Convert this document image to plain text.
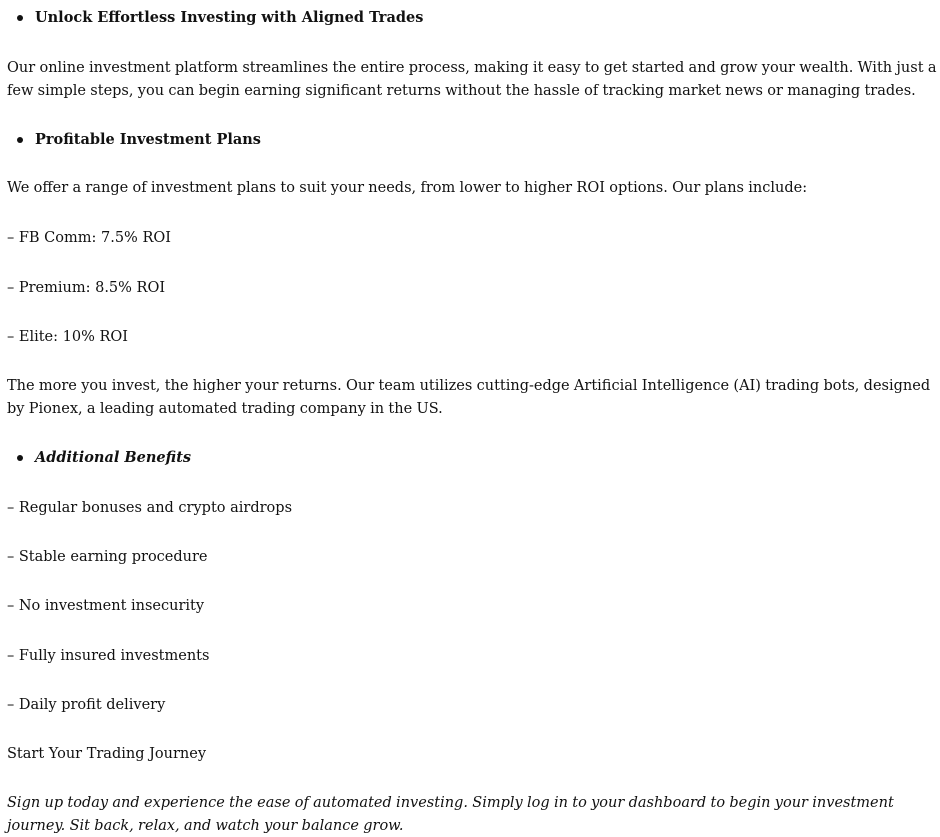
Unlock Effortless Investing with Aligned Trades

Our online investment platform streamlines the entire process, making it easy to get started and grow your wealth. With just a few simple steps, you can begin earning significant returns without the hassle of tracking market news or managing trades.

Profitable Investment Plans

We offer a range of investment plans to suit your needs, from lower to higher ROI options. Our plans include:

– FB Comm: 7.5% ROI

– Premium: 8.5% ROI

– Elite: 10% ROI

The more you invest, the higher your returns. Our team utilizes cutting-edge Artificial Intelligence (AI) trading bots, designed by Pionex, a leading automated trading company in the US.

Additional Benefits

– Regular bonuses and crypto airdrops

– Stable earning procedure

– No investment insecurity

– Fully insured investments

– Daily profit delivery

Start Your Trading Journey

Sign up today and experience the ease of automated investing. Simply log in to your dashboard to begin your investment journey. Sit back, relax, and watch your balance grow.
